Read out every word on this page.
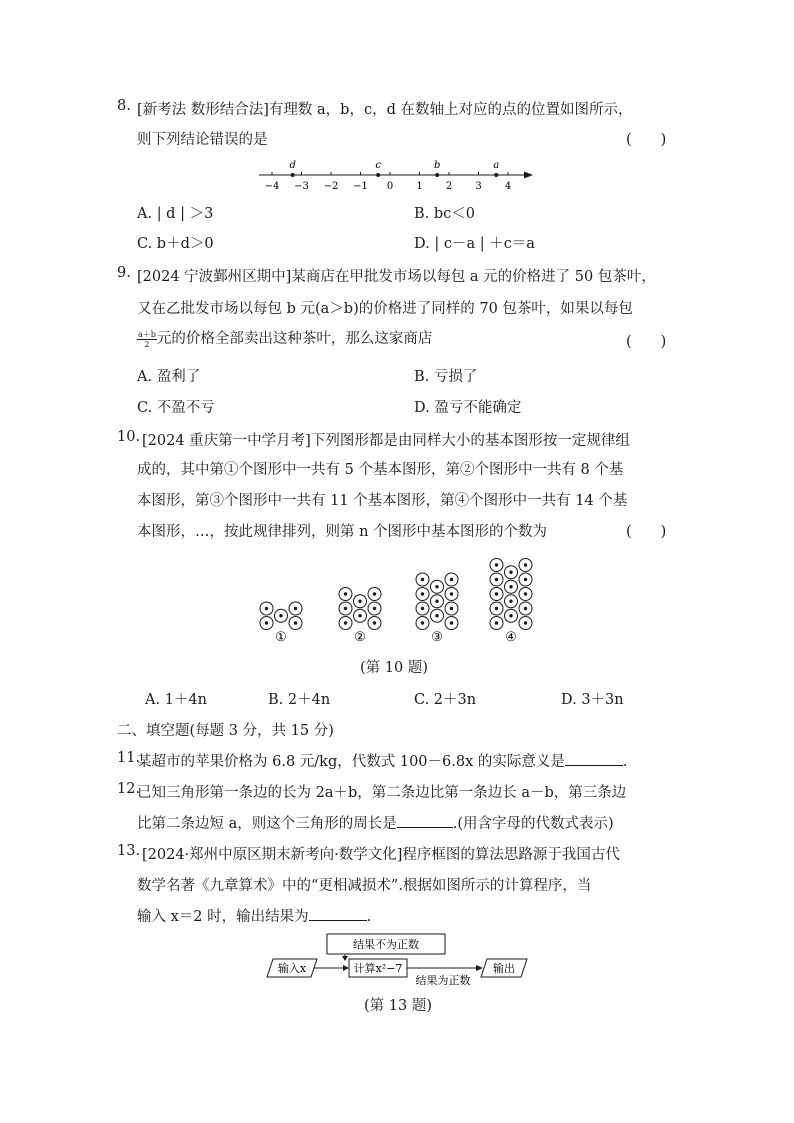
8. [新考法 数形结合法]有理数 a，b，c，d 在数轴上对应的点的位置如图所示，
则下列结论错误的是	(　　)
−4 −3 −2 −1 0 1 2 3 4
d	c	b	a
A. | d | ＞3	B. bc＜0
C. b＋d＞0	D. | c－a | ＋c＝a
9. [2024 宁波鄞州区期中]某商店在甲批发市场以每包 a 元的价格进了 50 包茶叶，
又在乙批发市场以每包 b 元(a＞b)的价格进了同样的 70 包茶叶，如果以每包
$\frac{a+b}{2}$ 元的价格全部卖出这种茶叶，那么这家商店	(　　)
A. 盈利了	B. 亏损了
C. 不盈不亏	D. 盈亏不能确定
10. [2024 重庆第一中学月考]下列图形都是由同样大小的基本图形按一定规律组
成的，其中第①个图形中一共有 5 个基本图形，第②个图形中一共有 8 个基
本图形，第③个图形中一共有 11 个基本图形，第④个图形中一共有 14 个基
本图形，…，按此规律排列，则第 n 个图形中基本图形的个数为	(　　)
①	②	③	④
(第 10 题)
A. 1＋4n	B. 2＋4n	C. 2＋3n	D. 3＋3n
二、填空题(每题 3 分，共 15 分)
11.
某超市的苹果价格为 6.8 元/kg，代数式 100－6.8x 的实际意义是	.
12.
已知三角形第一条边的长为 2a＋b，第二条边比第一条边长 a－b，第三条边
比第二条边短 a，则这个三角形的周长是	.(用含字母的代数式表示)
13. [2024·郑州中原区期末新考向·数学文化]程序框图的算法思路源于我国古代
数学名著《九章算术》中的“更相减损术”.根据如图所示的计算程序，当
输入 x＝2 时，输出结果为	.
结果不为正数
输入x	计算x²−7
结果为正数
输出
(第 13 题)
